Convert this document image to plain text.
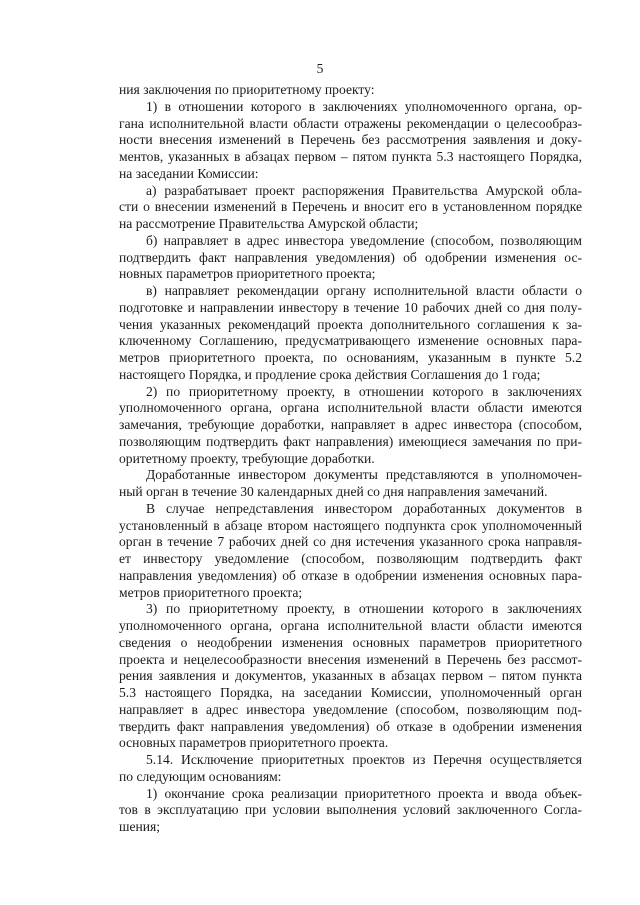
5
ния заключения по приоритетному проекту:
1) в отношении которого в заключениях уполномоченного органа, ор-
гана исполнительной власти области отражены рекомендации о целесообраз-
ности внесения изменений в Перечень без рассмотрения заявления и доку-
ментов, указанных в абзацах первом – пятом пункта 5.3 настоящего Порядка,
на заседании Комиссии:
а) разрабатывает проект распоряжения Правительства Амурской обла-
сти о внесении изменений в Перечень и вносит его в установленном порядке
на рассмотрение Правительства Амурской области;
б) направляет в адрес инвестора уведомление (способом, позволяющим
подтвердить факт направления уведомления) об одобрении изменения ос-
новных параметров приоритетного проекта;
в) направляет рекомендации органу исполнительной власти области о
подготовке и направлении инвестору в течение 10 рабочих дней со дня полу-
чения указанных рекомендаций проекта дополнительного соглашения к за-
ключенному Соглашению, предусматривающего изменение основных пара-
метров приоритетного проекта, по основаниям, указанным в пункте 5.2
настоящего Порядка, и продление срока действия Соглашения до 1 года;
2) по приоритетному проекту, в отношении которого в заключениях
уполномоченного органа, органа исполнительной власти области имеются
замечания, требующие доработки, направляет в адрес инвестора (способом,
позволяющим подтвердить факт направления) имеющиеся замечания по при-
оритетному проекту, требующие доработки.
Доработанные инвестором документы представляются в уполномочен-
ный орган в течение 30 календарных дней со дня направления замечаний.
В случае непредставления инвестором доработанных документов в
установленный в абзаце втором настоящего подпункта срок уполномоченный
орган в течение 7 рабочих дней со дня истечения указанного срока направля-
ет инвестору уведомление (способом, позволяющим подтвердить факт
направления уведомления) об отказе в одобрении изменения основных пара-
метров приоритетного проекта;
3) по приоритетному проекту, в отношении которого в заключениях
уполномоченного органа, органа исполнительной власти области имеются
сведения о неодобрении изменения основных параметров приоритетного
проекта и нецелесообразности внесения изменений в Перечень без рассмот-
рения заявления и документов, указанных в абзацах первом – пятом пункта
5.3 настоящего Порядка, на заседании Комиссии, уполномоченный орган
направляет в адрес инвестора уведомление (способом, позволяющим под-
твердить факт направления уведомления) об отказе в одобрении изменения
основных параметров приоритетного проекта.
5.14. Исключение приоритетных проектов из Перечня осуществляется
по следующим основаниям:
1) окончание срока реализации приоритетного проекта и ввода объек-
тов в эксплуатацию при условии выполнения условий заключенного Согла-
шения;
